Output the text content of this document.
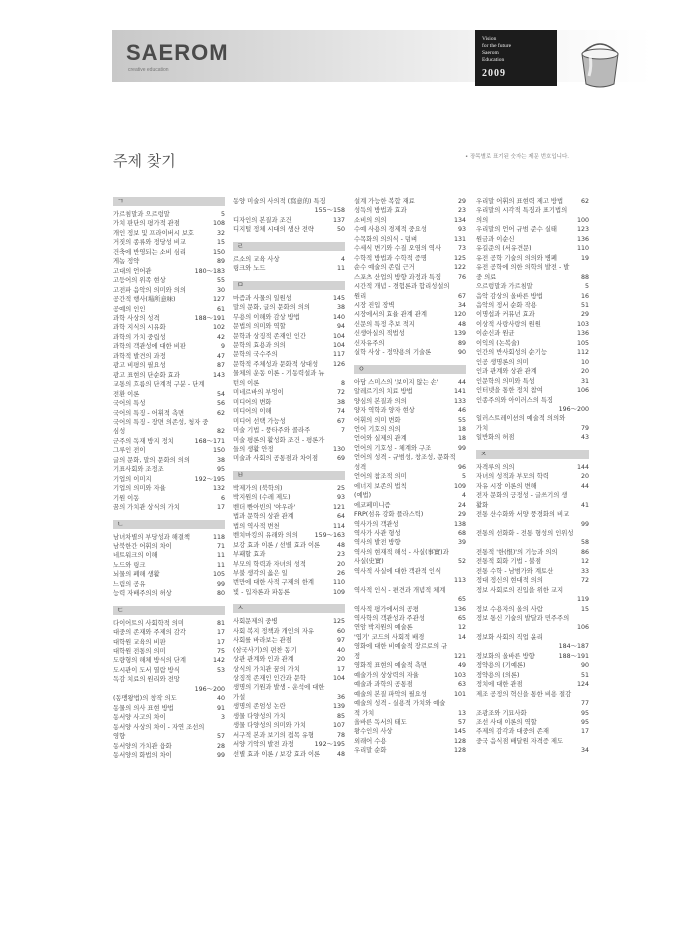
SAEROM
creative education
Vision
for the future
Saerom
Education
2009
주제 찾기	• 장목별로 표기된 숫자는 제문 번호입니다.
ㄱ
가르침말과 으르렁말	5
가치 판단의 평가적 관점	108
개인 정보 및 프라이버시 보호	32
거짓의 종류와 정당성 비교	15
건축에 반영되는 소비 심리	150
게놈 정약	89
고대의 언어관	180～183
고등어의 위족 현상	55
고전파 음악의 의미와 의의	30
공간적 행사(場所意味)	127
공예의 인인	61
과학 사상의 성격	188～191
과학 지식의 시유화	102
과학의 가치 중립성	42
과학의 객관성에 대한 비판	9
과학적 발견의 과정	47
광고 비평의 필요성	87
광고 표현의 단순화 효과	143
교통의 흐름의 단계적 구분 - 단계
전환 이론	54
국어의 특성	56
국어의 특징 - 어휘적 측면	62
국어의 특징 - 장면 의존성, 청자 중
심성	82
군주의 독재 방지 정치	168～171
그루인 전이	150
글의 문화, 말의 문화의 의의	38
기표사회와 조정조	95
기업의 이미지	192～195
기업의 의미와 자율	132
기원 이동	6
꿈의 가치관 상식의 가치	17
ㄴ
남녀차별의 부당성과 해결책	118
남북한간 어휘의 차이	71
네트워크의 이해	11
노드와 링크	11
뇌물의 폐해 생활	105
느림의 공유	99
능력 자배주의의 허상	80
ㄷ
다이어트의 사회학적 의미	81
대중의 존재와 주제의 감각	17
대학원 교육의 비판	17
대학원 전통의 의미	75
도량형의 해체 방식의 단계	142
도시관이 도서 열람 방식	53
독감 치료의 원리와 전망
196～200
(동맹왕법)의 창작 의도	40
동물의 의사 표현 방법	91
동서양 사고의 차이	3
동서양 사상의 차이 - 자연 조선의
영향	57
동서양의 가치관 융화	28
동서양의 화법의 차이	99
동양 미술의 사의적 (寫意的) 특징
155～158
디자인의 본질과 조건	137
디지털 정체 시대의 생산 전략	50
ㄹ
르소의 교육 사상	4
링크와 노드	11
ㅁ
마즘과 사물의 일원성	145
말의 문화, 글의 문화의 의의	38
무용의 이해와 감상 방법	140
문법의 의미와 역할	94
문학과 상징적 존재인 인간	104
문학의 효용과 의의	104
문학의 국수주의	117
문학적 주체성과 문화적 상대성	126
물체의 운동 이론 - 기동력설과 뉴
턴의 이론	8
미네르바의 부엉이	72
미디어의 변화	38
미디어의 이해	74
미디어 선택 가능성	67
미술 기법 - 풍타주와 콜라주	7
미술 평론의 활성화 조건 - 평론가
들의 생활 안정	130
미술과 사회의 공통점과 차이점	69
ㅂ
박제가의 (북학의)	25
박지원의 (수레 제도)	93
벤더 빤아빈의 '야우라'	121
법과 문학의 상관 관계	64
법의 역사적 변천	114
벤치마킹의 유래와 의의	159～163
보강 효과 이론 / 선별 효과 이론	48
부패할 효과	23
부모의 학력과 자녀의 성적	20
부불 생각의 옳은 일	26
번만에 대한 사적 구제의 한계	110
빛 - 입자론과 파동론	109
ㅅ
사회문제의 중병	125
사회 복지 정책과 개인의 자유	60
사회를 바라보는 관점	97
(삼국사기)의 편찬 동기	40
상관 관계와 인과 관계	20
상식의 가치관 꿈의 가치	17
상징적 존재인 인간과 문학	104
생명의 기원과 발생 - 운석에 대한
가설	36
생명의 존엄성 논란	139
생물 다양성의 가치	85
생물 다양성의 의미와 가치	107
서구적 본과 보기의 접목 유형	78
서양 기악의 발전 과정	192～195
선별 효과 이론 / 보강 효과 이론	48
설계 가능한 복합 재료	29
성득의 방법과 효과	23
소비의 의의	134
수예 사용의 경제적 중요성	93
수목화의 의의식 - 덤벼	131
수세식 변기와 수질 오염의 역사	73
수학적 방법과 수학적 증명	125
순수 예술의 존립 근거	122
스포츠 산업의 방향 과정과 특징	76
시간적 개념 - 경험론과 합리성설의
원리	67
시장 진입 장벽	34
시장에서의 효율 관계 관계	120
신문의 특정 추보 적지	48
신생아실의 적법성	139
신자유주의	89
실학 사상 - 정약용의 기술론	90
ㅇ
아담 스미스의 '보이지 않는 손'	44
알레르기의 치료 방법	141
양심의 본질과 의의	133
양자 역학과 양자 현상	46
어휘의 의미 변화	55
언어 기호의 의의	18
언어와 실제의 관계	18
언어의 기호성 - 체계와 구조	99
언어의 성격 - 규범성, 창조성, 문화적
성격	96
언어의 참조적 의미	5
에너지 보존의 법칙	109
(예법)	4
에코페미니즘	24
FRP(섬유 강화 플라스틱)	29
역사가의 객관성	138
역사가 사관 형성	68
역사의 발전 방향	39
역사의 현재적 해석 - 사실(事實)과
사실(史實)	52
역사적 사실에 대한 객관적 인식
113
역사적 인식 - 편견과 개념적 체계
65
역사적 평가에서의 공평	136
역사학의 객관성과 주관성	65
연암 박지원의 예술론	12
'엽기' 코드의 사회적 배경	14
영화에 대한 비예술적 장르로의 규
정	121
영화적 표현의 예술적 측면	49
예술가의 상상력의 자율	103
예술과 과학의 공통점	63
예술의 본질 파악의 필요성	101
예술의 성격 - 실용적 가치와 예술
적 가치	13
올바른 독서의 태도	57
왕수인의 사상	145
외래어 수용	128
우리말 순화	128
우리말 어휘의 표현력 제고 방법	62
우리말의 시각적 특징과 표기법의
의의	100
우리말의 언어 규범 준수 실태	123
원금과 이순신	136
유길준의 (서유견문)	110
유전 공학 기술의 의의와 병폐	19
유전 공학에 의한 의학의 발전 - 발
중 의료	88
으르렁말과 가르침말	5
음악 감상의 올바른 방법	16
음악의 정서 순화 작용	51
이명섭과 커뮤넌 효과	29
이상적 사랑사랑의 원원	103
이순신과 원균	136
이익의 (논복술)	105
인간의 반사회성의 순기능	112
인공 생명론의 의미	10
인과 관계와 상관 관계	20
인문학의 의미와 특성	31
인터넷을 통한 정치 참여	106
인종주의와 아이러스의 특징
196～200
일러스트레이션의 예술적 의의와
가치	79
일반화의 허점	43
ㅈ
자격루의 의의	144
자녀의 성적과 부모의 학력	20
자유 시장 이론의 변해	44
전자 문화의 긍정성 - 글쓰기의 생
활화	41
전통 산수화와 서양 풍경화의 비교
99
전통의 선화화 - 전통 형성의 인위성
58
전통적 '한(恨)'의 기능과 의의	86
전통적 회화 기법 - 불점	12
전통 수학 - 남범가와 계토산	33
정대 정신의 현대적 의의	72
정보 사회로의 진입을 위한 교지
119
정보 수용자의 올의 사람	15
정보 통신 기술의 발달과 민주주의
106
정보화 사회의 직업 윤리
184～187
정보화의 올바른 방향	188～191
정약용의 (기예론)	90
정약용의 (의론)	51
정치에 대한 관점	124
제조 공정의 혁신을 통한 비용 절감
77
조광조와 기묘사화	95
조선 사대 이론의 역할	95
주제의 감각과 대중의 존재	17
중국 음식점 배달원 자격증 제도
34
